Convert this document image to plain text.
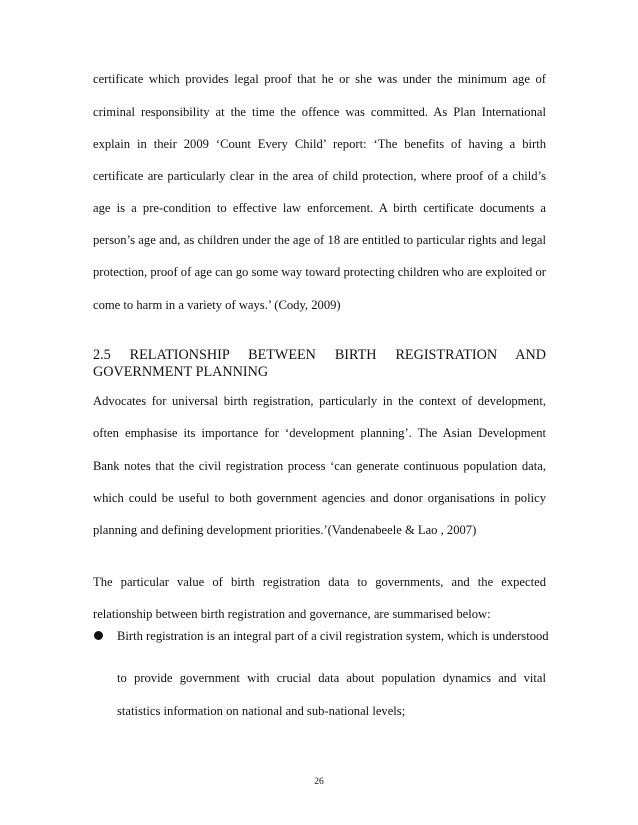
certificate which provides legal proof that he or she was under the minimum age of
criminal responsibility at the time the offence was committed. As Plan International
explain in their 2009 ‘Count Every Child’ report: ‘The benefits of having a birth
certificate are particularly clear in the area of child protection, where proof of a child’s
age is a pre-condition to effective law enforcement. A birth certificate documents a
person’s age and, as children under the age of 18 are entitled to particular rights and legal
protection, proof of age can go some way toward protecting children who are exploited or
come to harm in a variety of ways.’ (Cody, 2009)
2.5 RELATIONSHIP BETWEEN BIRTH REGISTRATION AND
GOVERNMENT PLANNING
Advocates for universal birth registration, particularly in the context of development,
often emphasise its importance for ‘development planning’. The Asian Development
Bank notes that the civil registration process ‘can generate continuous population data,
which could be useful to both government agencies and donor organisations in policy
planning and defining development priorities.’(Vandenabeele & Lao , 2007)
The particular value of birth registration data to governments, and the expected
relationship between birth registration and governance, are summarised below:
Birth registration is an integral part of a civil registration system, which is understood
to provide government with crucial data about population dynamics and vital
statistics information on national and sub-national levels;
26
